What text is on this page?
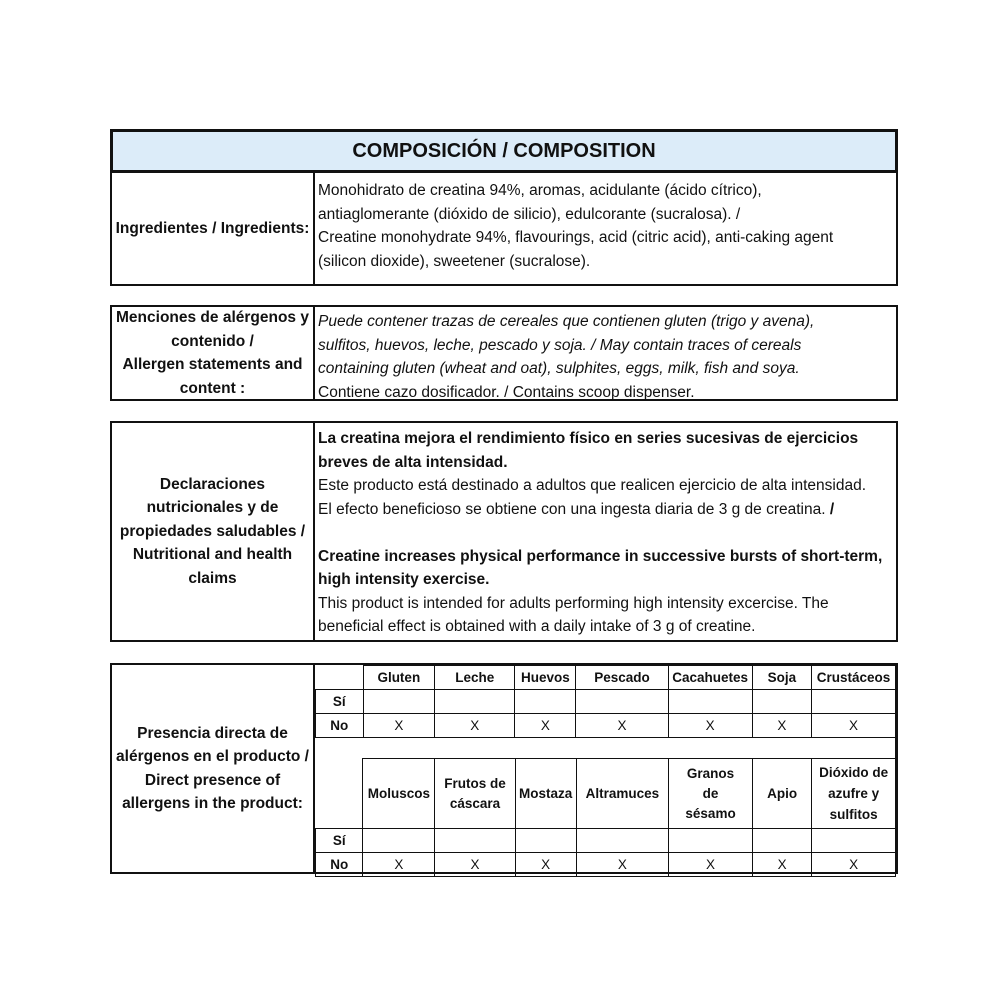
COMPOSICIÓN / COMPOSITION
Ingredientes / Ingredients:
Monohidrato de creatina 94%, aromas, acidulante (ácido cítrico),
antiaglomerante (dióxido de silicio), edulcorante (sucralosa). /
Creatine monohydrate 94%, flavourings, acid (citric acid), anti-caking agent
(silicon dioxide), sweetener (sucralose).
Menciones de alérgenos y
contenido /
Allergen statements and
content :
Puede contener trazas de cereales que contienen gluten (trigo y avena),
sulfitos, huevos, leche, pescado y soja. / May contain traces of cereals
containing gluten (wheat and oat), sulphites, eggs, milk, fish and soya.
Contiene cazo dosificador. / Contains scoop dispenser.
Declaraciones
nutricionales y de
propiedades saludables /
Nutritional and health
claims
La creatina mejora el rendimiento físico en series sucesivas de ejercicios
breves de alta intensidad.
Este producto está destinado a adultos que realicen ejercicio de alta intensidad.
El efecto beneficioso se obtiene con una ingesta diaria de 3 g de creatina. /
Creatine increases physical performance in successive bursts of short-term,
high intensity exercise.
This product is intended for adults performing high intensity excercise. The
beneficial effect is obtained with a daily intake of 3 g of creatine.
Presencia directa de
alérgenos en el producto /
Direct presence of
allergens in the product:
	Gluten	Leche	Huevos	Pescado	Cacahuetes	Soja	Crustáceos
Sí							
No	X	X	X	X	X	X	X

	Moluscos	Frutos de cáscara	Mostaza	Altramuces	Granos de sésamo	Apio	Dióxido de azufre y sulfitos
Sí							
No	X	X	X	X	X	X	X
